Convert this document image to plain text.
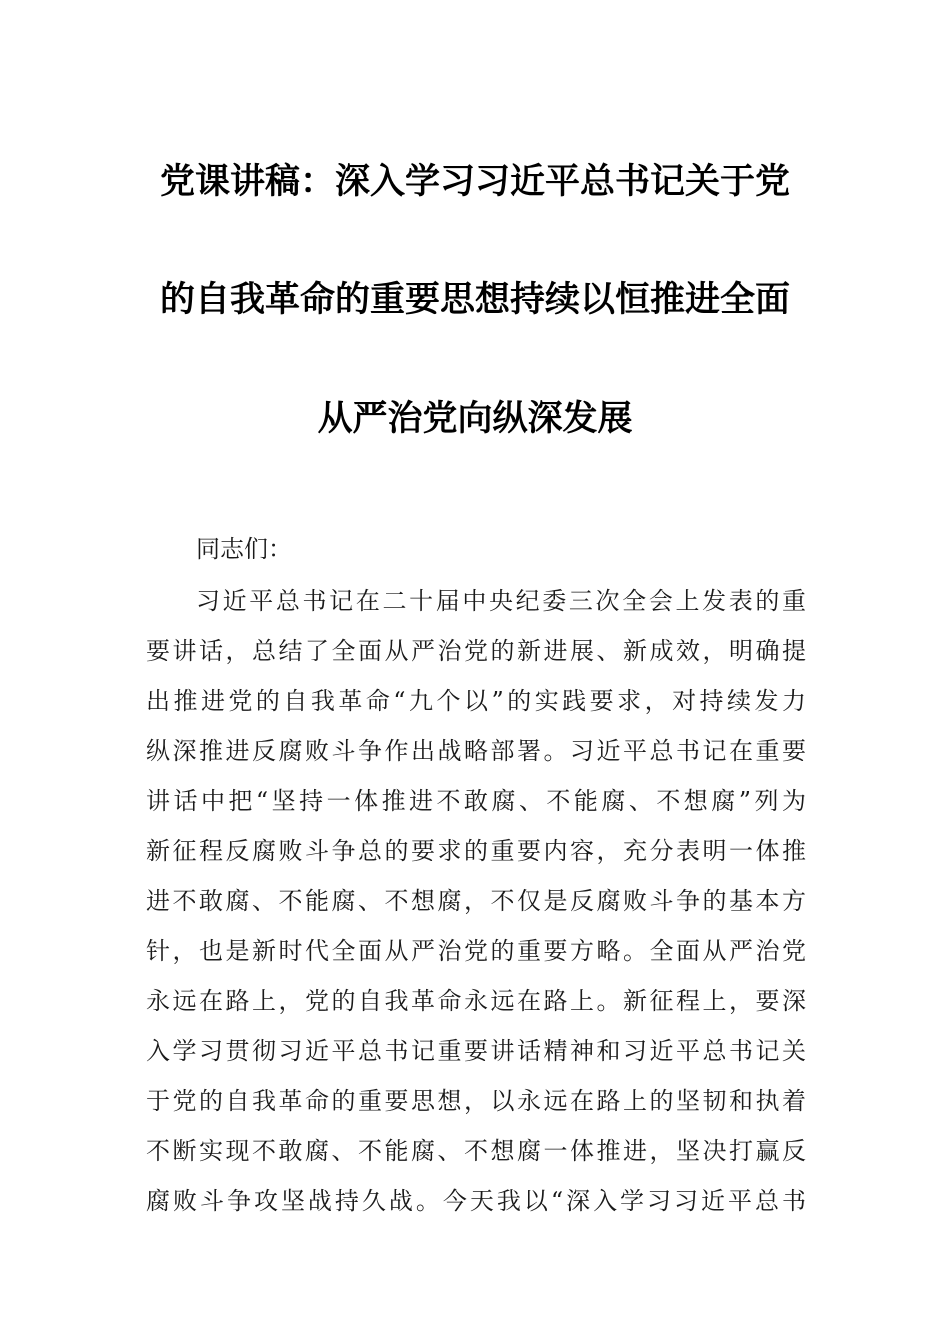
党课讲稿：深入学习习近平总书记关于党
的自我革命的重要思想持续以恒推进全面
从严治党向纵深发展
同志们：
习近平总书记在二十届中央纪委三次全会上发表的重
要讲话，总结了全面从严治党的新进展、新成效，明确提
出推进党的自我革命“九个以”的实践要求，对持续发力
纵深推进反腐败斗争作出战略部署。习近平总书记在重要
讲话中把“坚持一体推进不敢腐、不能腐、不想腐”列为
新征程反腐败斗争总的要求的重要内容，充分表明一体推
进不敢腐、不能腐、不想腐，不仅是反腐败斗争的基本方
针，也是新时代全面从严治党的重要方略。全面从严治党
永远在路上，党的自我革命永远在路上。新征程上，要深
入学习贯彻习近平总书记重要讲话精神和习近平总书记关
于党的自我革命的重要思想，以永远在路上的坚韧和执着
不断实现不敢腐、不能腐、不想腐一体推进，坚决打赢反
腐败斗争攻坚战持久战。今天我以“深入学习习近平总书
